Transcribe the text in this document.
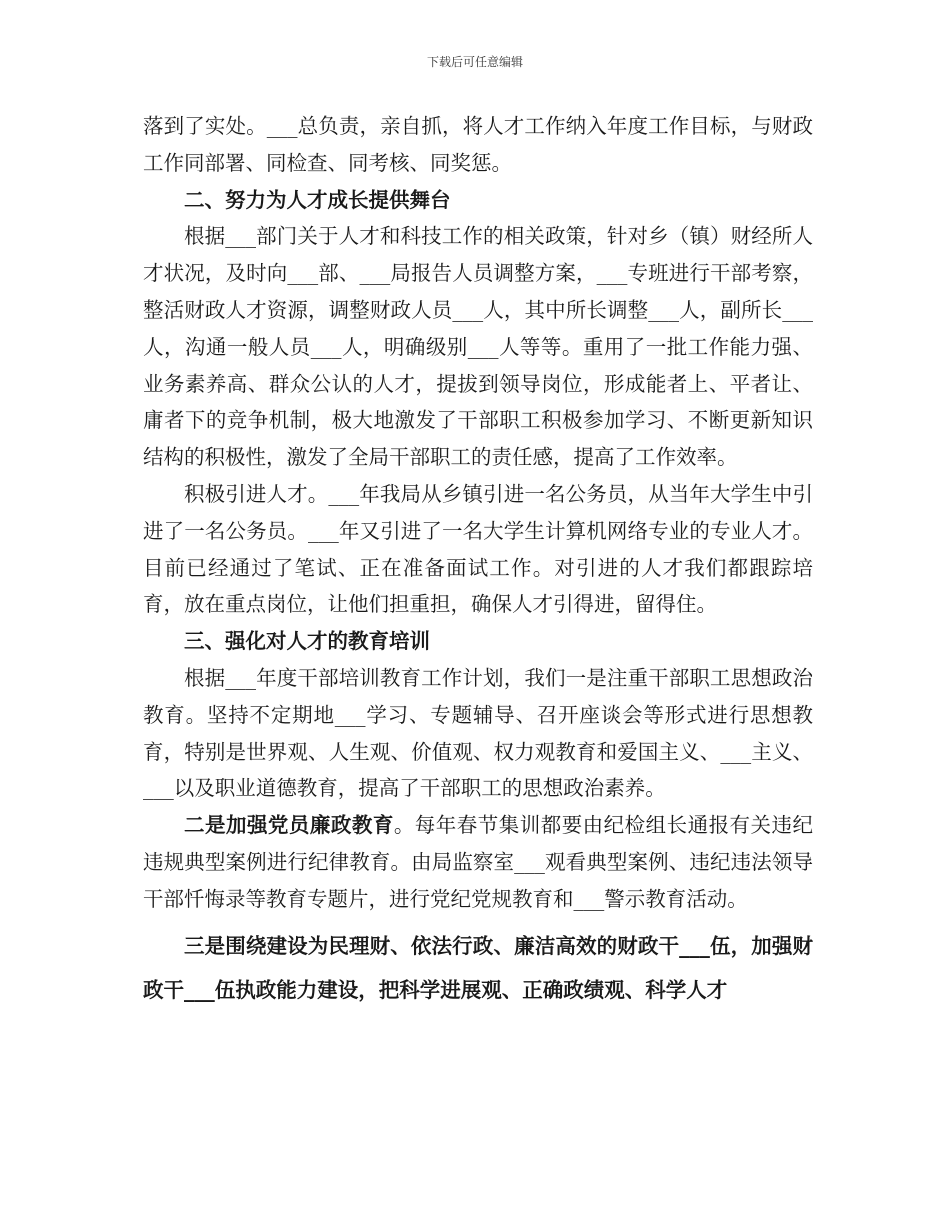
下载后可任意编辑

落到了实处。___总负责，亲自抓，将人才工作纳入年度工作目标，与财政工作同部署、同检查、同考核、同奖惩。

二、努力为人才成长提供舞台

根据___部门关于人才和科技工作的相关政策，针对乡（镇）财经所人才状况，及时向___部、___局报告人员调整方案，___专班进行干部考察，整活财政人才资源，调整财政人员___人，其中所长调整___人，副所长___人，沟通一般人员___人，明确级别___人等等。重用了一批工作能力强、业务素养高、群众公认的人才，提拔到领导岗位，形成能者上、平者让、庸者下的竞争机制，极大地激发了干部职工积极参加学习、不断更新知识结构的积极性，激发了全局干部职工的责任感，提高了工作效率。

积极引进人才。___年我局从乡镇引进一名公务员，从当年大学生中引进了一名公务员。___年又引进了一名大学生计算机网络专业的专业人才。目前已经通过了笔试、正在准备面试工作。对引进的人才我们都跟踪培育，放在重点岗位，让他们担重担，确保人才引得进，留得住。

三、强化对人才的教育培训

根据___年度干部培训教育工作计划，我们一是注重干部职工思想政治教育。坚持不定期地___学习、专题辅导、召开座谈会等形式进行思想教育，特别是世界观、人生观、价值观、权力观教育和爱国主义、___主义、___以及职业道德教育，提高了干部职工的思想政治素养。

二是加强党员廉政教育。每年春节集训都要由纪检组长通报有关违纪违规典型案例进行纪律教育。由局监察室___观看典型案例、违纪违法领导干部忏悔录等教育专题片，进行党纪党规教育和___警示教育活动。

三是围绕建设为民理财、依法行政、廉洁高效的财政干___伍，加强财政干___伍执政能力建设，把科学进展观、正确政绩观、科学人才
